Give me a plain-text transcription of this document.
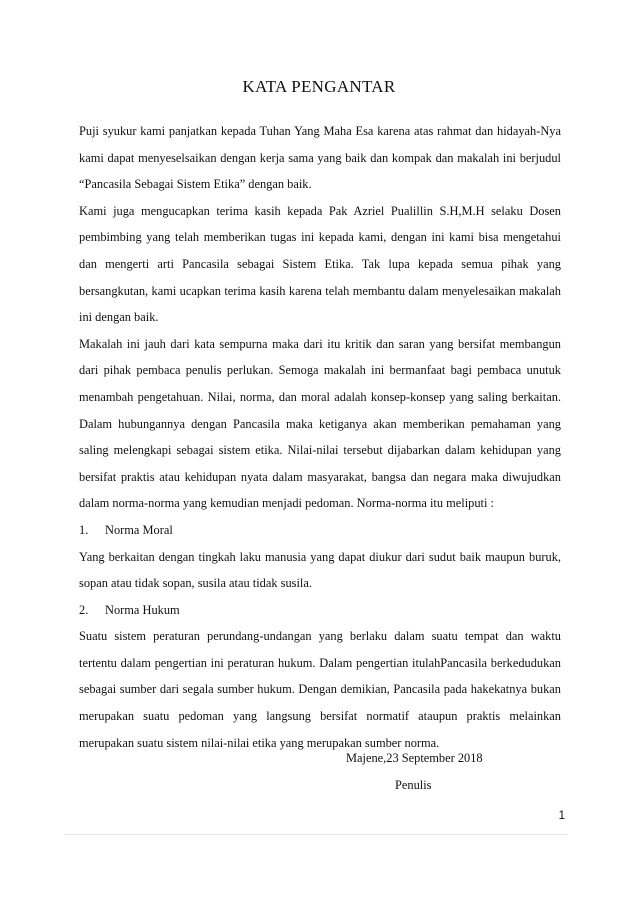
KATA PENGANTAR

Puji syukur kami panjatkan kepada Tuhan Yang Maha Esa karena atas rahmat dan hidayah-Nya kami dapat menyeselsaikan dengan kerja sama yang baik dan kompak dan makalah ini berjudul “Pancasila Sebagai Sistem Etika” dengan baik.

Kami juga mengucapkan terima kasih kepada Pak Azriel Pualillin S.H,M.H selaku Dosen pembimbing yang telah memberikan tugas ini kepada kami, dengan ini kami bisa mengetahui dan mengerti arti Pancasila sebagai Sistem Etika. Tak lupa kepada semua pihak yang bersangkutan, kami ucapkan terima kasih karena telah membantu dalam menyelesaikan makalah ini dengan baik.

Makalah ini jauh dari kata sempurna maka dari itu kritik dan saran yang bersifat membangun dari pihak pembaca penulis perlukan. Semoga makalah ini bermanfaat bagi pembaca unutuk menambah pengetahuan. Nilai, norma, dan moral adalah konsep-konsep yang saling berkaitan. Dalam hubungannya dengan Pancasila maka ketiganya akan memberikan pemahaman yang saling melengkapi sebagai sistem etika. Nilai-nilai tersebut dijabarkan dalam kehidupan yang bersifat praktis atau kehidupan nyata dalam masyarakat, bangsa dan negara maka diwujudkan dalam norma-norma yang kemudian menjadi pedoman. Norma-norma itu meliputi :

1.	Norma Moral

Yang berkaitan dengan tingkah laku manusia yang dapat diukur dari sudut baik maupun buruk, sopan atau tidak sopan, susila atau tidak susila.

2.	Norma Hukum

Suatu sistem peraturan perundang-undangan yang berlaku dalam suatu tempat dan waktu tertentu dalam pengertian ini peraturan hukum. Dalam pengertian itulahPancasila berkedudukan sebagai sumber dari segala sumber hukum. Dengan demikian, Pancasila pada hakekatnya bukan merupakan suatu pedoman yang langsung bersifat normatif ataupun praktis melainkan merupakan suatu sistem nilai-nilai etika yang merupakan sumber norma.

Majene,23 September 2018
Penulis
1
